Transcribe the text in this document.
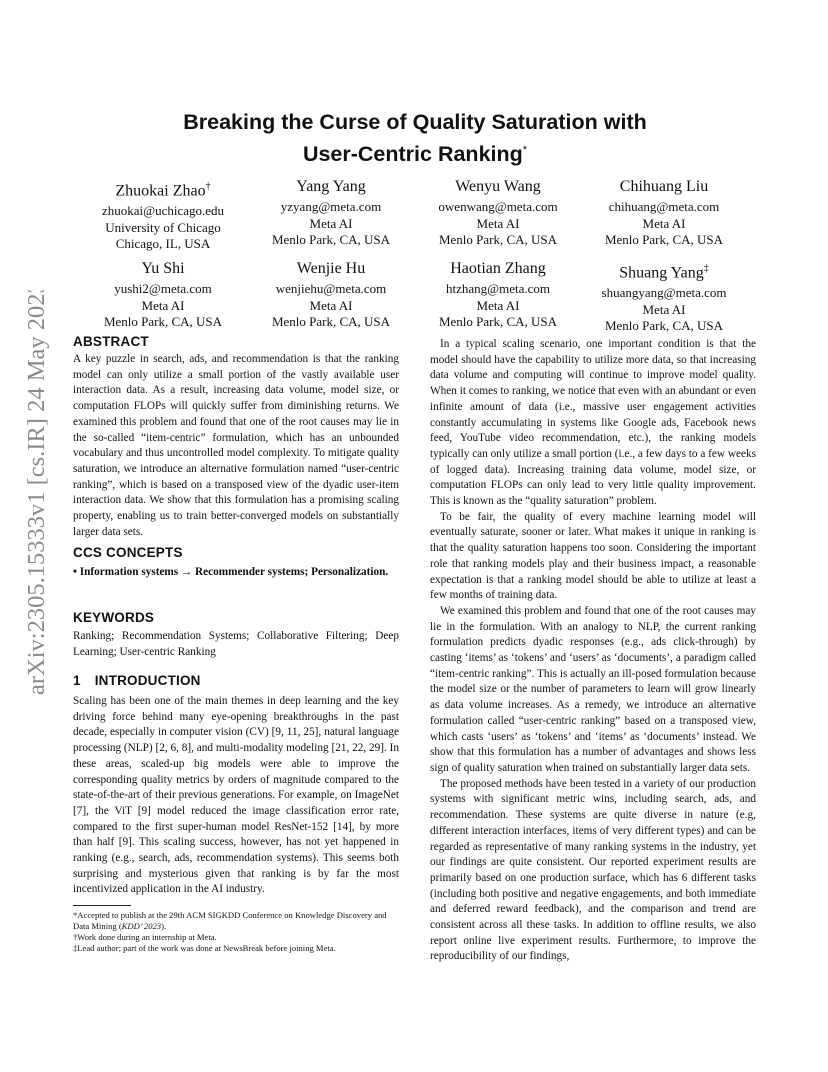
arXiv:2305.15333v1 [cs.IR] 24 May 2023
Breaking the Curse of Quality Saturation with
User-Centric Ranking*
Zhuokai Zhao†
zhuokai@uchicago.edu
University of Chicago
Chicago, IL, USA
Yang Yang
yzyang@meta.com
Meta AI
Menlo Park, CA, USA
Wenyu Wang
owenwang@meta.com
Meta AI
Menlo Park, CA, USA
Chihuang Liu
chihuang@meta.com
Meta AI
Menlo Park, CA, USA
Yu Shi
yushi2@meta.com
Meta AI
Menlo Park, CA, USA
Wenjie Hu
wenjiehu@meta.com
Meta AI
Menlo Park, CA, USA
Haotian Zhang
htzhang@meta.com
Meta AI
Menlo Park, CA, USA
Shuang Yang‡
shuangyang@meta.com
Meta AI
Menlo Park, CA, USA
ABSTRACT

A key puzzle in search, ads, and recommendation is that the ranking model can only utilize a small portion of the vastly available user interaction data. As a result, increasing data volume, model size, or computation FLOPs will quickly suffer from diminishing returns. We examined this problem and found that one of the root causes may lie in the so-called “item-centric” formulation, which has an unbounded vocabulary and thus uncontrolled model complexity. To mitigate quality saturation, we introduce an alternative formulation named “user-centric ranking”, which is based on a transposed view of the dyadic user-item interaction data. We show that this formulation has a promising scaling property, enabling us to train better-converged models on substantially larger data sets.

CCS CONCEPTS

• Information systems → Recommender systems; Personalization.

KEYWORDS

Ranking; Recommendation Systems; Collaborative Filtering; Deep Learning; User-centric Ranking

1 INTRODUCTION

Scaling has been one of the main themes in deep learning and the key driving force behind many eye-opening breakthroughs in the past decade, especially in computer vision (CV) [9, 11, 25], natural language processing (NLP) [2, 6, 8], and multi-modality modeling [21, 22, 29]. In these areas, scaled-up big models were able to improve the corresponding quality metrics by orders of magnitude compared to the state-of-the-art of their previous generations. For example, on ImageNet [7], the ViT [9] model reduced the image classification error rate, compared to the first super-human model ResNet-152 [14], by more than half [9]. This scaling success, however, has not yet happened in ranking (e.g., search, ads, recommendation systems). This seems both surprising and mysterious given that ranking is by far the most incentivized application in the AI industry.

*Accepted to publish at the 29th ACM SIGKDD Conference on Knowledge Discovery and Data Mining (KDD’ 2023).
†Work done during an internship at Meta.
‡Lead author; part of the work was done at NewsBreak before joining Meta.

In a typical scaling scenario, one important condition is that the model should have the capability to utilize more data, so that increasing data volume and computing will continue to improve model quality. When it comes to ranking, we notice that even with an abundant or even infinite amount of data (i.e., massive user engagement activities constantly accumulating in systems like Google ads, Facebook news feed, YouTube video recommendation, etc.), the ranking models typically can only utilize a small portion (i.e., a few days to a few weeks of logged data). Increasing training data volume, model size, or computation FLOPs can only lead to very little quality improvement. This is known as the “quality saturation” problem.

To be fair, the quality of every machine learning model will eventually saturate, sooner or later. What makes it unique in ranking is that the quality saturation happens too soon. Considering the important role that ranking models play and their business impact, a reasonable expectation is that a ranking model should be able to utilize at least a few months of training data.

We examined this problem and found that one of the root causes may lie in the formulation. With an analogy to NLP, the current ranking formulation predicts dyadic responses (e.g., ads click-through) by casting ‘items’ as ‘tokens’ and ‘users’ as ‘documents’, a paradigm called “item-centric ranking”. This is actually an ill-posed formulation because the model size or the number of parameters to learn will grow linearly as data volume increases. As a remedy, we introduce an alternative formulation called “user-centric ranking” based on a transposed view, which casts ‘users’ as ‘tokens’ and ‘items’ as ‘documents’ instead. We show that this formulation has a number of advantages and shows less sign of quality saturation when trained on substantially larger data sets.

The proposed methods have been tested in a variety of our production systems with significant metric wins, including search, ads, and recommendation. These systems are quite diverse in nature (e.g, different interaction interfaces, items of very different types) and can be regarded as representative of many ranking systems in the industry, yet our findings are quite consistent. Our reported experiment results are primarily based on one production surface, which has 6 different tasks (including both positive and negative engagements, and both immediate and deferred reward feedback), and the comparison and trend are consistent across all these tasks. In addition to offline results, we also report online live experiment results. Furthermore, to improve the reproducibility of our findings,
